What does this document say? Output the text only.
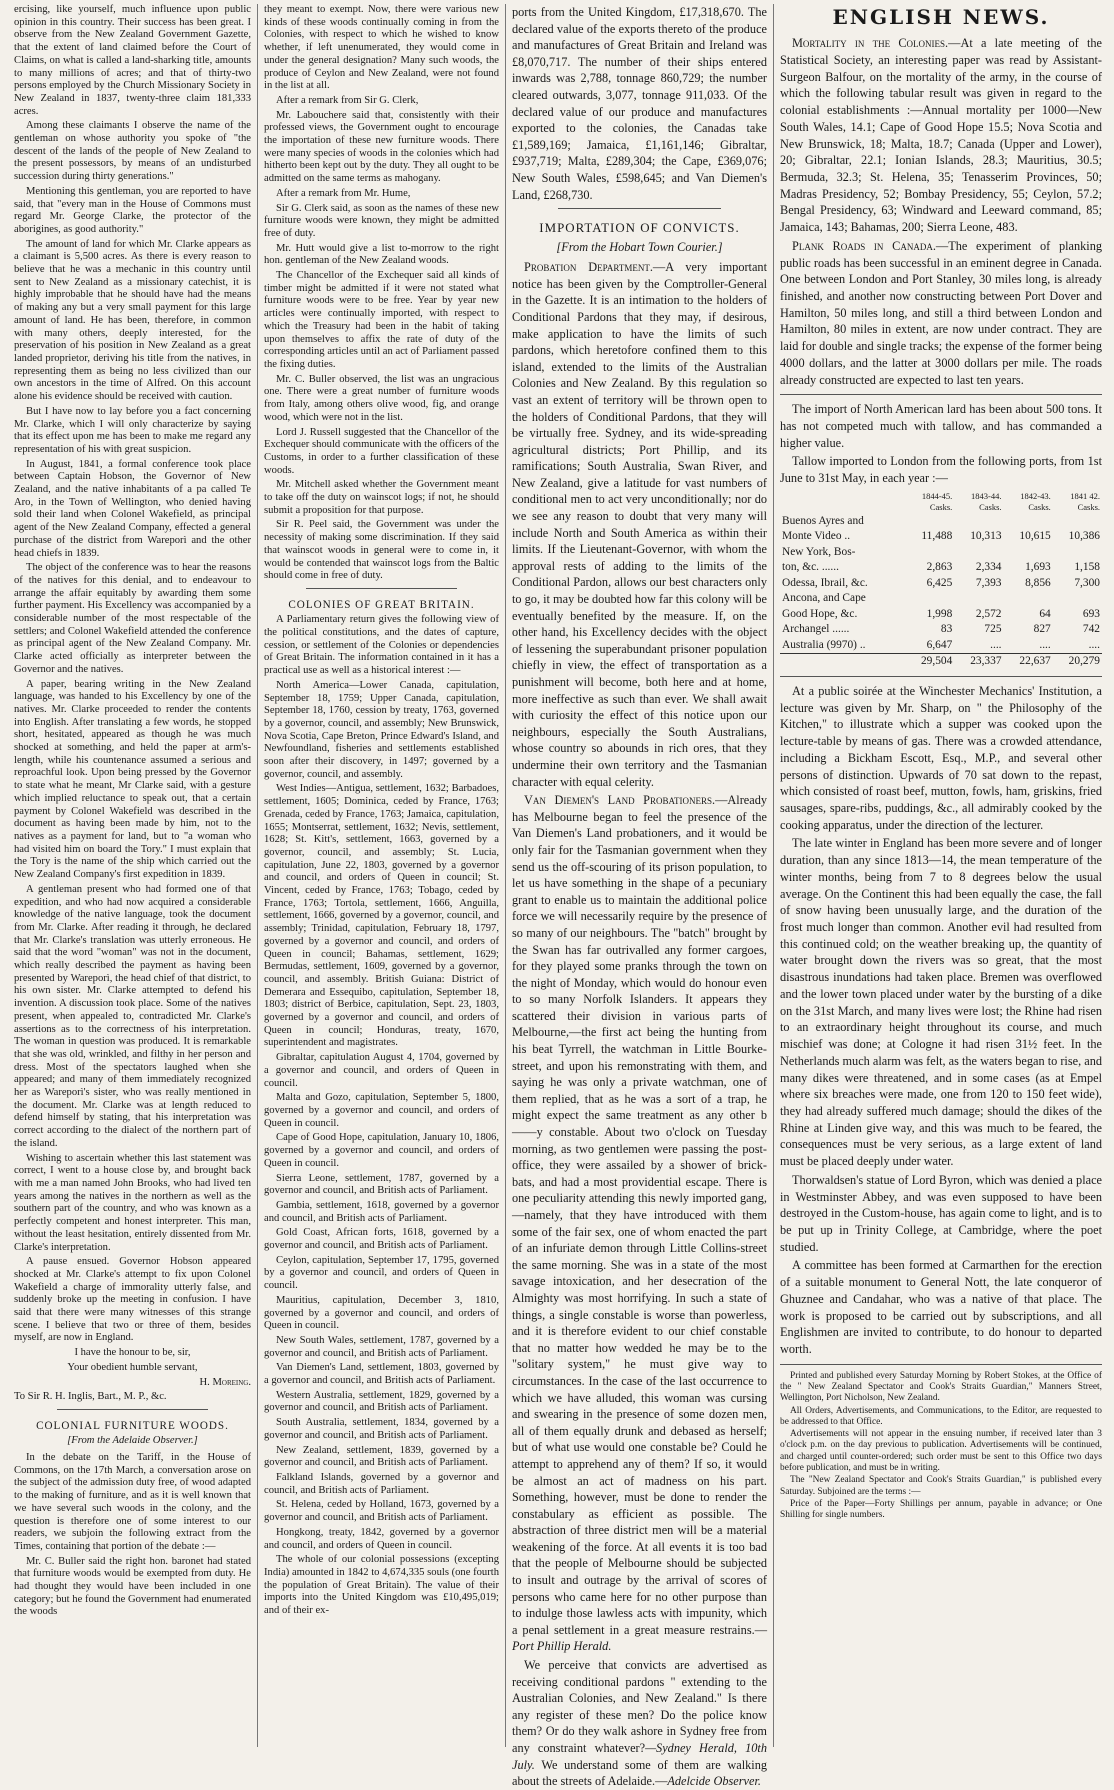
ercising, like yourself, much influence upon public opinion in this country. Their success has been great. I observe from the New Zealand Government Gazette, that the extent of land claimed before the Court of Claims, on what is called a land-sharking title, amounts to many millions of acres; and that of thirty-two persons employed by the Church Missionary Society in New Zealand in 1837, twenty-three claim 181,333 acres.

Among these claimants I observe the name of the gentleman on whose authority you spoke of "the descent of the lands of the people of New Zealand to the present possessors, by means of an undisturbed succession during thirty generations."

Mentioning this gentleman, you are reported to have said, that "every man in the House of Commons must regard Mr. George Clarke, the protector of the aborigines, as good authority."

The amount of land for which Mr. Clarke appears as a claimant is 5,500 acres. As there is every reason to believe that he was a mechanic in this country until sent to New Zealand as a missionary catechist, it is highly improbable that he should have had the means of making any but a very small payment for this large amount of land. He has been, therefore, in common with many others, deeply interested, for the preservation of his position in New Zealand as a great landed proprietor, deriving his title from the natives, in representing them as being no less civilized than our own ancestors in the time of Alfred. On this account alone his evidence should be received with caution.

But I have now to lay before you a fact concerning Mr. Clarke, which I will only characterize by saying that its effect upon me has been to make me regard any representation of his with great suspicion.

In August, 1841, a formal conference took place between Captain Hobson, the Governor of New Zealand, and the native inhabitants of a pa called Te Aro, in the Town of Wellington, who denied having sold their land when Colonel Wakefield, as principal agent of the New Zealand Company, effected a general purchase of the district from Wareporì and the other head chiefs in 1839.

The object of the conference was to hear the reasons of the natives for this denial, and to endeavour to arrange the affair equitably by awarding them some further payment. His Excellency was accompanied by a considerable number of the most respectable of the settlers; and Colonel Wakefield attended the conference as principal agent of the New Zealand Company. Mr. Clarke acted officially as interpreter between the Governor and the natives.

A paper, bearing writing in the New Zealand language, was handed to his Excellency by one of the natives. Mr. Clarke proceeded to render the contents into English. After translating a few words, he stopped short, hesitated, appeared as though he was much shocked at something, and held the paper at arm's-length, while his countenance assumed a serious and reproachful look. Upon being pressed by the Governor to state what he meant, Mr Clarke said, with a gesture which implied reluctance to speak out, that a certain payment by Colonel Wakefield was described in the document as having been made by him, not to the natives as a payment for land, but to "a woman who had visited him on board the Tory." I must explain that the Tory is the name of the ship which carried out the New Zealand Company's first expedition in 1839.

A gentleman present who had formed one of that expedition, and who had now acquired a considerable knowledge of the native language, took the document from Mr. Clarke. After reading it through, he declared that Mr. Clarke's translation was utterly erroneous. He said that the word "woman" was not in the document, which really described the payment as having been presented by Wareporì, the head chief of that district, to his own sister. Mr. Clarke attempted to defend his invention. A discussion took place. Some of the natives present, when appealed to, contradicted Mr. Clarke's assertions as to the correctness of his interpretation. The woman in question was produced. It is remarkable that she was old, wrinkled, and filthy in her person and dress. Most of the spectators laughed when she appeared; and many of them immediately recognized her as Wareporì's sister, who was really mentioned in the document. Mr. Clarke was at length reduced to defend himself by stating, that his interpretation was correct according to the dialect of the northern part of the island.

Wishing to ascertain whether this last statement was correct, I went to a house close by, and brought back with me a man named John Brooks, who had lived ten years among the natives in the northern as well as the southern part of the country, and who was known as a perfectly competent and honest interpreter. This man, without the least hesitation, entirely dissented from Mr. Clarke's interpretation.

A pause ensued. Governor Hobson appeared shocked at Mr. Clarke's attempt to fix upon Colonel Wakefield a charge of immorality utterly false, and suddenly broke up the meeting in confusion. I have said that there were many witnesses of this strange scene. I believe that two or three of them, besides myself, are now in England.

I have the honour to be, sir,

Your obedient humble servant,

H. Moreing.

To Sir R. H. Inglis, Bart., M. P., &c.

COLONIAL FURNITURE WOODS.
[From the Adelaide Observer.]

In the debate on the Tariff, in the House of Commons, on the 17th March, a conversation arose on the subject of the admission duty free, of wood adapted to the making of furniture, and as it is well known that we have several such woods in the colony, and the question is therefore one of some interest to our readers, we subjoin the following extract from the Times, containing that portion of the debate :—

Mr. C. Buller said the right hon. baronet had stated that furniture woods would be exempted from duty. He had thought they would have been included in one category; but he found the Government had enumerated the woods

they meant to exempt. Now, there were various new kinds of these woods continually coming in from the Colonies, with respect to which he wished to know whether, if left unenumerated, they would come in under the general designation? Many such woods, the produce of Ceylon and New Zealand, were not found in the list at all.

After a remark from Sir G. Clerk,

Mr. Labouchere said that, consistently with their professed views, the Government ought to encourage the importation of these new furniture woods. There were many species of woods in the colonies which had hitherto been kept out by the duty. They all ought to be admitted on the same terms as mahogany.

After a remark from Mr. Hume,

Sir G. Clerk said, as soon as the names of these new furniture woods were known, they might be admitted free of duty.

Mr. Hutt would give a list to-morrow to the right hon. gentleman of the New Zealand woods.

The Chancellor of the Exchequer said all kinds of timber might be admitted if it were not stated what furniture woods were to be free. Year by year new articles were continually imported, with respect to which the Treasury had been in the habit of taking upon themselves to affix the rate of duty of the corresponding articles until an act of Parliament passed the fixing duties.

Mr. C. Buller observed, the list was an ungracious one. There were a great number of furniture woods from Italy, among others olive wood, fig, and orange wood, which were not in the list.

Lord J. Russell suggested that the Chancellor of the Exchequer should communicate with the officers of the Customs, in order to a further classification of these woods.

Mr. Mitchell asked whether the Government meant to take off the duty on wainscot logs; if not, he should submit a proposition for that purpose.

Sir R. Peel said, the Government was under the necessity of making some discrimination. If they said that wainscot woods in general were to come in, it would be contended that wainscot logs from the Baltic should come in free of duty.

COLONIES OF GREAT BRITAIN.

A Parliamentary return gives the following view of the political constitutions, and the dates of capture, cession, or settlement of the Colonies or dependencies of Great Britain. The information contained in it has a practical use as well as a historical interest :—

North America—Lower Canada, capitulation, September 18, 1759; Upper Canada, capitulation, September 18, 1760, cession by treaty, 1763, governed by a governor, council, and assembly; New Brunswick, Nova Scotia, Cape Breton, Prince Edward's Island, and Newfoundland, fisheries and settlements established soon after their discovery, in 1497; governed by a governor, council, and assembly.

West Indies—Antigua, settlement, 1632; Barbadoes, settlement, 1605; Dominica, ceded by France, 1763; Grenada, ceded by France, 1763; Jamaica, capitulation, 1655; Montserrat, settlement, 1632; Nevis, settlement, 1628; St. Kitt's, settlement, 1663, governed by a governor, council, and assembly; St. Lucia, capitulation, June 22, 1803, governed by a governor and council, and orders of Queen in council; St. Vincent, ceded by France, 1763; Tobago, ceded by France, 1763; Tortola, settlement, 1666, Anguilla, settlement, 1666, governed by a governor, council, and assembly; Trinidad, capitulation, February 18, 1797, governed by a governor and council, and orders of Queen in council; Bahamas, settlement, 1629; Bermudas, settlement, 1609, governed by a governor, council, and assembly. British Guiana: District of Demerara and Essequibo, capitulation, September 18, 1803; district of Berbice, capitulation, Sept. 23, 1803, governed by a governor and council, and orders of Queen in council; Honduras, treaty, 1670, superintendent and magistrates.

Gibraltar, capitulation August 4, 1704, governed by a governor and council, and orders of Queen in council.

Malta and Gozo, capitulation, September 5, 1800, governed by a governor and council, and orders of Queen in council.

Cape of Good Hope, capitulation, January 10, 1806, governed by a governor and council, and orders of Queen in council.

Sierra Leone, settlement, 1787, governed by a governor and council, and British acts of Parliament.

Gambia, settlement, 1618, governed by a governor and council, and British acts of Parliament.

Gold Coast, African forts, 1618, governed by a governor and council, and British acts of Parliament.

Ceylon, capitulation, September 17, 1795, governed by a governor and council, and orders of Queen in council.

Mauritius, capitulation, December 3, 1810, governed by a governor and council, and orders of Queen in council.

New South Wales, settlement, 1787, governed by a governor and council, and British acts of Parliament.

Van Diemen's Land, settlement, 1803, governed by a governor and council, and British acts of Parliament.

Western Australia, settlement, 1829, governed by a governor and council, and British acts of Parliament.

South Australia, settlement, 1834, governed by a governor and council, and British acts of Parliament.

New Zealand, settlement, 1839, governed by a governor and council, and British acts of Parliament.

Falkland Islands, governed by a governor and council, and British acts of Parliament.

St. Helena, ceded by Holland, 1673, governed by a governor and council, and British acts of Parliament.

Hongkong, treaty, 1842, governed by a governor and council, and orders of Queen in council.

The whole of our colonial possessions (excepting India) amounted in 1842 to 4,674,335 souls (one fourth the population of Great Britain). The value of their imports into the United Kingdom was £10,495,019; and of their ex-

ports from the United Kingdom, £17,318,670. The declared value of the exports thereto of the produce and manufactures of Great Britain and Ireland was £8,070,717. The number of their ships entered inwards was 2,788, tonnage 860,729; the number cleared outwards, 3,077, tonnage 911,033. Of the declared value of our produce and manufactures exported to the colonies, the Canadas take £1,589,169; Jamaica, £1,161,146; Gibraltar, £937,719; Malta, £289,304; the Cape, £369,076; New South Wales, £598,645; and Van Diemen's Land, £268,730.

IMPORTATION OF CONVICTS.
[From the Hobart Town Courier.]

Probation Department.—A very important notice has been given by the Comptroller-General in the Gazette. It is an intimation to the holders of Conditional Pardons that they may, if desirous, make application to have the limits of such pardons, which heretofore confined them to this island, extended to the limits of the Australian Colonies and New Zealand. By this regulation so vast an extent of territory will be thrown open to the holders of Conditional Pardons, that they will be virtually free. Sydney, and its wide-spreading agricultural districts; Port Phillip, and its ramifications; South Australia, Swan River, and New Zealand, give a latitude for vast numbers of conditional men to act very unconditionally; nor do we see any reason to doubt that very many will include North and South America as within their limits. If the Lieutenant-Governor, with whom the approval rests of adding to the limits of the Conditional Pardon, allows our best characters only to go, it may be doubted how far this colony will be eventually benefited by the measure. If, on the other hand, his Excellency decides with the object of lessening the superabundant prisoner population chiefly in view, the effect of transportation as a punishment will become, both here and at home, more ineffective as such than ever. We shall await with curiosity the effect of this notice upon our neighbours, especially the South Australians, whose country so abounds in rich ores, that they undermine their own territory and the Tasmanian character with equal celerity.

Van Diemen's Land Probationers.—Already has Melbourne began to feel the presence of the Van Diemen's Land probationers, and it would be only fair for the Tasmanian government when they send us the off-scouring of its prison population, to let us have something in the shape of a pecuniary grant to enable us to maintain the additional police force we will necessarily require by the presence of so many of our neighbours. The "batch" brought by the Swan has far outrivalled any former cargoes, for they played some pranks through the town on the night of Monday, which would do honour even to so many Norfolk Islanders. It appears they scattered their division in various parts of Melbourne,—the first act being the hunting from his beat Tyrrell, the watchman in Little Bourke-street, and upon his remonstrating with them, and saying he was only a private watchman, one of them replied, that as he was a sort of a trap, he might expect the same treatment as any other b——y constable. About two o'clock on Tuesday morning, as two gentlemen were passing the post-office, they were assailed by a shower of brick-bats, and had a most providential escape. There is one peculiarity attending this newly imported gang,—namely, that they have introduced with them some of the fair sex, one of whom enacted the part of an infuriate demon through Little Collins-street the same morning. She was in a state of the most savage intoxication, and her desecration of the Almighty was most horrifying. In such a state of things, a single constable is worse than powerless, and it is therefore evident to our chief constable that no matter how wedded he may be to the "solitary system," he must give way to circumstances. In the case of the last occurrence to which we have alluded, this woman was cursing and swearing in the presence of some dozen men, all of them equally drunk and debased as herself; but of what use would one constable be? Could he attempt to apprehend any of them? If so, it would be almost an act of madness on his part. Something, however, must be done to render the constabulary as efficient as possible. The abstraction of three district men will be a material weakening of the force. At all events it is too bad that the people of Melbourne should be subjected to insult and outrage by the arrival of scores of persons who came here for no other purpose than to indulge those lawless acts with impunity, which a penal settlement in a great measure restrains.—Port Phillip Herald.

We perceive that convicts are advertised as receiving conditional pardons " extending to the Australian Colonies, and New Zealand." Is there any register of these men? Do the police know them? Or do they walk ashore in Sydney free from any constraint whatever?—Sydney Herald, 10th July. We understand some of them are walking about the streets of Adelaide.—Adelcide Observer.

ENGLISH NEWS.

Mortality in the Colonies.—At a late meeting of the Statistical Society, an interesting paper was read by Assistant-Surgeon Balfour, on the mortality of the army, in the course of which the following tabular result was given in regard to the colonial establishments :—Annual mortality per 1000—New South Wales, 14.1; Cape of Good Hope 15.5; Nova Scotia and New Brunswick, 18; Malta, 18.7; Canada (Upper and Lower), 20; Gibraltar, 22.1; Ionian Islands, 28.3; Mauritius, 30.5; Bermuda, 32.3; St. Helena, 35; Tenasserim Provinces, 50; Madras Presidency, 52; Bombay Presidency, 55; Ceylon, 57.2; Bengal Presidency, 63; Windward and Leeward command, 85; Jamaica, 143; Bahamas, 200; Sierra Leone, 483.

Plank Roads in Canada.—The experiment of planking public roads has been successful in an eminent degree in Canada. One between London and Port Stanley, 30 miles long, is already finished, and another now constructing between Port Dover and Hamilton, 50 miles long, and still a third between London and Hamilton, 80 miles in extent, are now under contract. They are laid for double and single tracks; the expense of the former being 4000 dollars, and the latter at 3000 dollars per mile. The roads already constructed are expected to last ten years.

The import of North American lard has been about 500 tons. It has not competed much with tallow, and has commanded a higher value.

Tallow imported to London from the following ports, from 1st June to 31st May, in each year :—

	1844-45.	1843-44.	1842-43.	1841 42.
	Casks.	Casks.	Casks.	Casks.
Buenos Ayres and				
Monte Video ..	11,488	10,313	10,615	10,386
New York, Bos-				
ton, &c. ......	2,863	2,334	1,693	1,158
Odessa, Ibrail, &c.	6,425	7,393	8,856	7,300
Ancona, and Cape				
Good Hope, &c.	1,998	2,572	64	693
Archangel ......	83	725	827	742
Australia (9970) ..	6,647	....	....	....
	29,504	23,337	22,637	20,279

At a public soirée at the Winchester Mechanics' Institution, a lecture was given by Mr. Sharp, on " the Philosophy of the Kitchen," to illustrate which a supper was cooked upon the lecture-table by means of gas. There was a crowded attendance, including a Bickham Escott, Esq., M.P., and several other persons of distinction. Upwards of 70 sat down to the repast, which consisted of roast beef, mutton, fowls, ham, griskins, fried sausages, spare-ribs, puddings, &c., all admirably cooked by the cooking apparatus, under the direction of the lecturer.

The late winter in England has been more severe and of longer duration, than any since 1813—14, the mean temperature of the winter months, being from 7 to 8 degrees below the usual average. On the Continent this had been equally the case, the fall of snow having been unusually large, and the duration of the frost much longer than common. Another evil had resulted from this continued cold; on the weather breaking up, the quantity of water brought down the rivers was so great, that the most disastrous inundations had taken place. Bremen was overflowed and the lower town placed under water by the bursting of a dike on the 31st March, and many lives were lost; the Rhine had risen to an extraordinary height throughout its course, and much mischief was done; at Cologne it had risen 31½ feet. In the Netherlands much alarm was felt, as the waters began to rise, and many dikes were threatened, and in some cases (as at Empel where six breaches were made, one from 120 to 150 feet wide), they had already suffered much damage; should the dikes of the Rhine at Linden give way, and this was much to be feared, the consequences must be very serious, as a large extent of land must be placed deeply under water.

Thorwaldsen's statue of Lord Byron, which was denied a place in Westminster Abbey, and was even supposed to have been destroyed in the Custom-house, has again come to light, and is to be put up in Trinity College, at Cambridge, where the poet studied.

A committee has been formed at Carmarthen for the erection of a suitable monument to General Nott, the late conqueror of Ghuznee and Candahar, who was a native of that place. The work is proposed to be carried out by subscriptions, and all Englishmen are invited to contribute, to do honour to departed worth.

Printed and published every Saturday Morning by Robert Stokes, at the Office of the " New Zealand Spectator and Cook's Straits Guardian," Manners Street, Wellington, Port Nicholson, New Zealand.

All Orders, Advertisements, and Communications, to the Editor, are requested to be addressed to that Office.

Advertisements will not appear in the ensuing number, if received later than 3 o'clock p.m. on the day previous to publication. Advertisements will be continued, and charged until counter-ordered; such order must be sent to this Office two days before publication, and must be in writing.

The "New Zealand Spectator and Cook's Straits Guardian," is published every Saturday. Subjoined are the terms :—

Price of the Paper—Forty Shillings per annum, payable in advance; or One Shilling for single numbers.
